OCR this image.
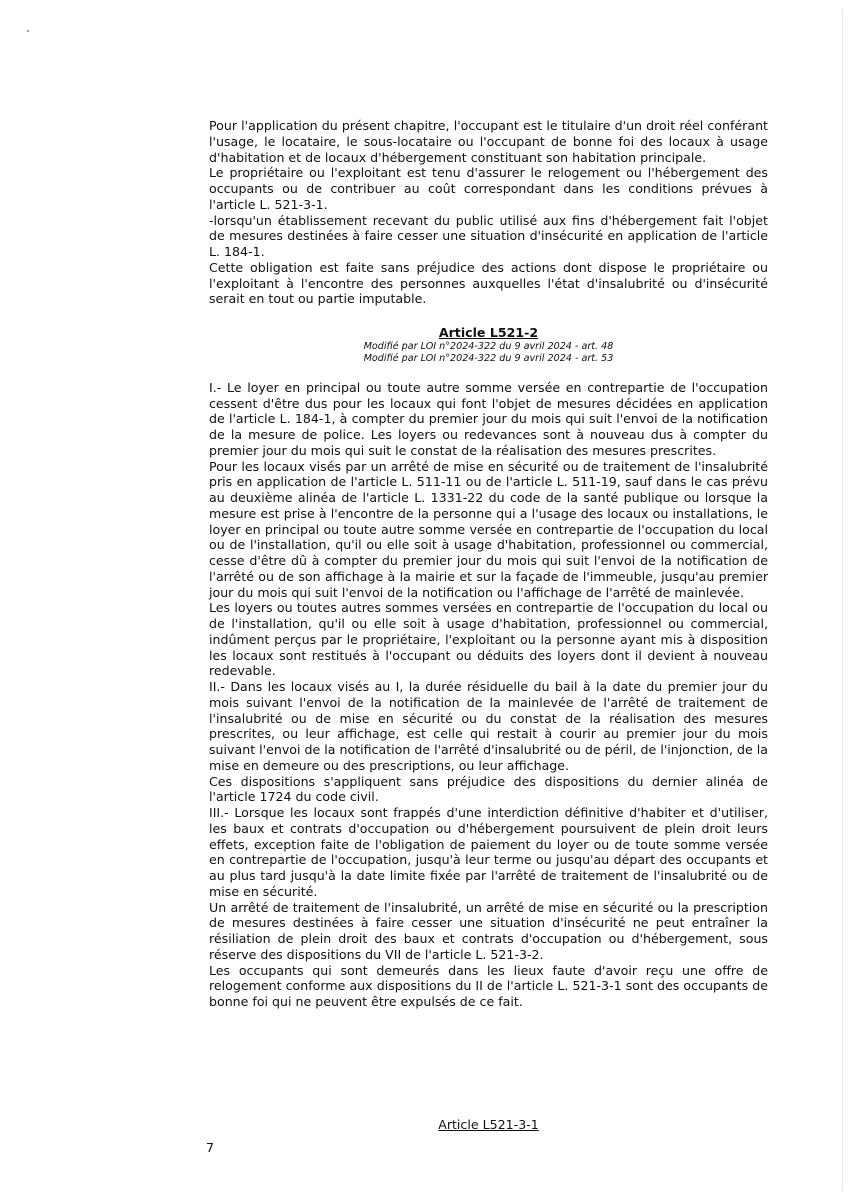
Pour l'application du présent chapitre, l'occupant est le titulaire d'un droit réel conférant l'usage, le locataire, le sous-locataire ou l'occupant de bonne foi des locaux à usage d'habitation et de locaux d'hébergement constituant son habitation principale.

Le propriétaire ou l'exploitant est tenu d'assurer le relogement ou l'hébergement des occupants ou de contribuer au coût correspondant dans les conditions prévues à l'article L. 521-3-1.

-lorsqu'un établissement recevant du public utilisé aux fins d'hébergement fait l'objet de mesures destinées à faire cesser une situation d'insécurité en application de l'article L. 184-1.

Cette obligation est faite sans préjudice des actions dont dispose le propriétaire ou l'exploitant à l'encontre des personnes auxquelles l'état d'insalubrité ou d'insécurité serait en tout ou partie imputable.

Article L521-2

Modifié par LOI n°2024-322 du 9 avril 2024 - art. 48

Modifié par LOI n°2024-322 du 9 avril 2024 - art. 53

I.- Le loyer en principal ou toute autre somme versée en contrepartie de l'occupation cessent d'être dus pour les locaux qui font l'objet de mesures décidées en application de l'article L. 184-1, à compter du premier jour du mois qui suit l'envoi de la notification de la mesure de police. Les loyers ou redevances sont à nouveau dus à compter du premier jour du mois qui suit le constat de la réalisation des mesures prescrites.

Pour les locaux visés par un arrêté de mise en sécurité ou de traitement de l'insalubrité pris en application de l'article L. 511-11 ou de l'article L. 511-19, sauf dans le cas prévu au deuxième alinéa de l'article L. 1331-22 du code de la santé publique ou lorsque la mesure est prise à l'encontre de la personne qui a l'usage des locaux ou installations, le loyer en principal ou toute autre somme versée en contrepartie de l'occupation du local ou de l'installation, qu'il ou elle soit à usage d'habitation, professionnel ou commercial, cesse d'être dû à compter du premier jour du mois qui suit l'envoi de la notification de l'arrêté ou de son affichage à la mairie et sur la façade de l'immeuble, jusqu'au premier jour du mois qui suit l'envoi de la notification ou l'affichage de l'arrêté de mainlevée.

Les loyers ou toutes autres sommes versées en contrepartie de l'occupation du local ou de l'installation, qu'il ou elle soit à usage d'habitation, professionnel ou commercial, indûment perçus par le propriétaire, l'exploitant ou la personne ayant mis à disposition les locaux sont restitués à l'occupant ou déduits des loyers dont il devient à nouveau redevable.

II.- Dans les locaux visés au I, la durée résiduelle du bail à la date du premier jour du mois suivant l'envoi de la notification de la mainlevée de l'arrêté de traitement de l'insalubrité ou de mise en sécurité ou du constat de la réalisation des mesures prescrites, ou leur affichage, est celle qui restait à courir au premier jour du mois suivant l'envoi de la notification de l'arrêté d'insalubrité ou de péril, de l'injonction, de la mise en demeure ou des prescriptions, ou leur affichage.

Ces dispositions s'appliquent sans préjudice des dispositions du dernier alinéa de l'article 1724 du code civil.

III.- Lorsque les locaux sont frappés d'une interdiction définitive d'habiter et d'utiliser, les baux et contrats d'occupation ou d'hébergement poursuivent de plein droit leurs effets, exception faite de l'obligation de paiement du loyer ou de toute somme versée en contrepartie de l'occupation, jusqu'à leur terme ou jusqu'au départ des occupants et au plus tard jusqu'à la date limite fixée par l'arrêté de traitement de l'insalubrité ou de mise en sécurité.

Un arrêté de traitement de l'insalubrité, un arrêté de mise en sécurité ou la prescription de mesures destinées à faire cesser une situation d'insécurité ne peut entraîner la résiliation de plein droit des baux et contrats d'occupation ou d'hébergement, sous réserve des dispositions du VII de l'article L. 521-3-2.

Les occupants qui sont demeurés dans les lieux faute d'avoir reçu une offre de relogement conforme aux dispositions du II de l'article L. 521-3-1 sont des occupants de bonne foi qui ne peuvent être expulsés de ce fait.

Article L521-3-1
7
